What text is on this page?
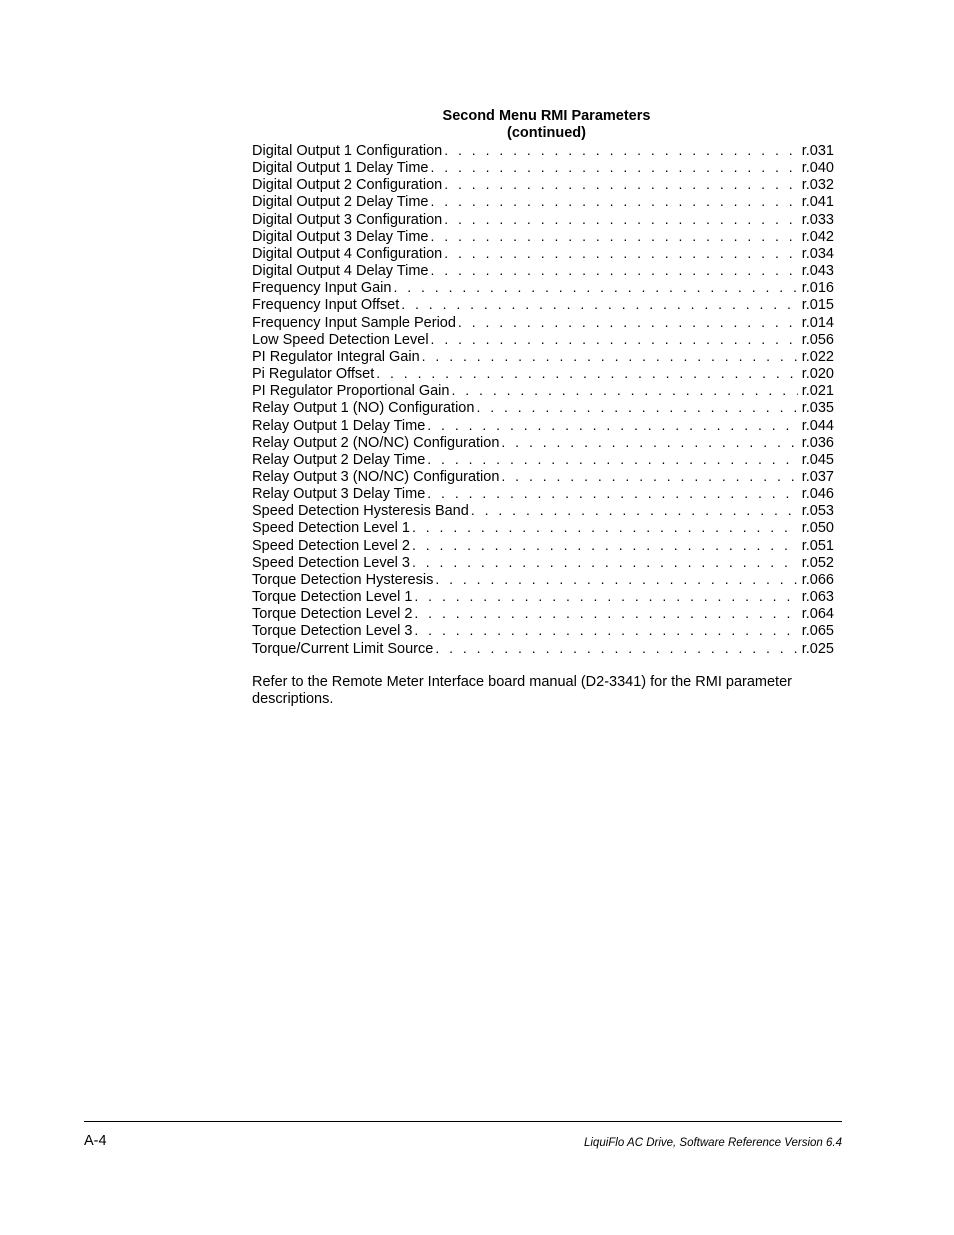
Second Menu RMI Parameters
(continued)
Digital Output 1 Configuration . . .	r.031
Digital Output 1 Delay Time . . .	r.040
Digital Output 2 Configuration . . .	r.032
Digital Output 2 Delay Time . . .	r.041
Digital Output 3 Configuration . . .	r.033
Digital Output 3 Delay Time . . .	r.042
Digital Output 4 Configuration . . .	r.034
Digital Output 4 Delay Time . . .	r.043
Frequency Input Gain . . .	r.016
Frequency Input Offset . . .	r.015
Frequency Input Sample Period . . .	r.014
Low Speed Detection Level . . .	r.056
PI Regulator Integral Gain . . .	r.022
Pi Regulator Offset . . .	r.020
PI Regulator Proportional Gain . . .	r.021
Relay Output 1 (NO) Configuration . . .	r.035
Relay Output 1 Delay Time . . .	r.044
Relay Output 2 (NO/NC) Configuration . . .	r.036
Relay Output 2 Delay Time . . .	r.045
Relay Output 3 (NO/NC) Configuration . . .	r.037
Relay Output 3 Delay Time . . .	r.046
Speed Detection Hysteresis Band . . .	r.053
Speed Detection Level 1 . . .	r.050
Speed Detection Level 2 . . .	r.051
Speed Detection Level 3 . . .	r.052
Torque Detection Hysteresis . . .	r.066
Torque Detection Level 1 . . .	r.063
Torque Detection Level 2 . . .	r.064
Torque Detection Level 3 . . .	r.065
Torque/Current Limit Source . . .	r.025
Refer to the Remote Meter Interface board manual (D2-3341) for the RMI parameter descriptions.
A-4	LiquiFlo AC Drive, Software Reference Version 6.4
